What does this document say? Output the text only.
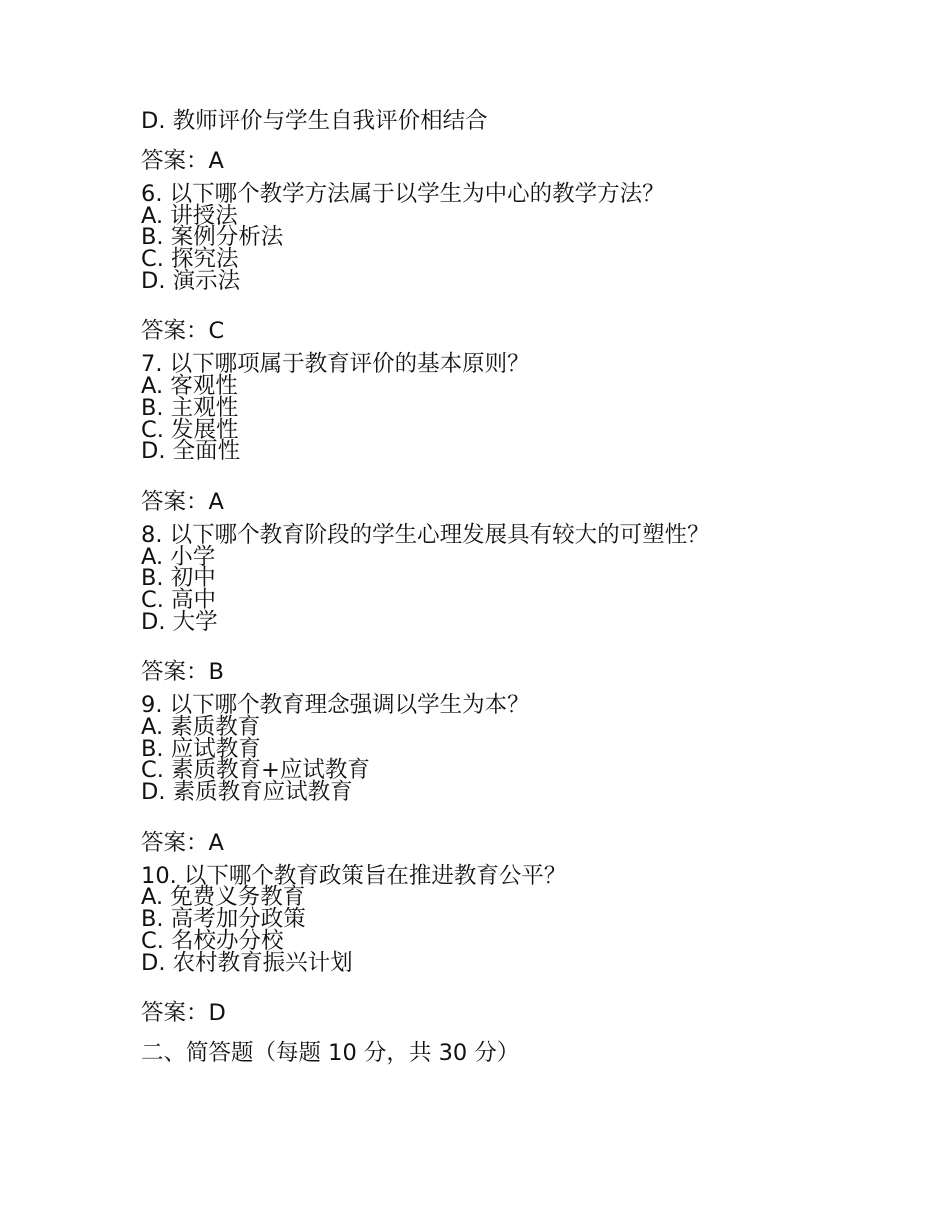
D. 教师评价与学生自我评价相结合
答案：A
6. 以下哪个教学方法属于以学生为中心的教学方法？
A. 讲授法
B. 案例分析法
C. 探究法
D. 演示法
答案：C
7. 以下哪项属于教育评价的基本原则？
A. 客观性
B. 主观性
C. 发展性
D. 全面性
答案：A
8. 以下哪个教育阶段的学生心理发展具有较大的可塑性？
A. 小学
B. 初中
C. 高中
D. 大学
答案：B
9. 以下哪个教育理念强调以学生为本？
A. 素质教育
B. 应试教育
C. 素质教育+应试教育
D. 素质教育应试教育
答案：A
10. 以下哪个教育政策旨在推进教育公平？
A. 免费义务教育
B. 高考加分政策
C. 名校办分校
D. 农村教育振兴计划
答案：D
二、简答题（每题 10 分，共 30 分）
